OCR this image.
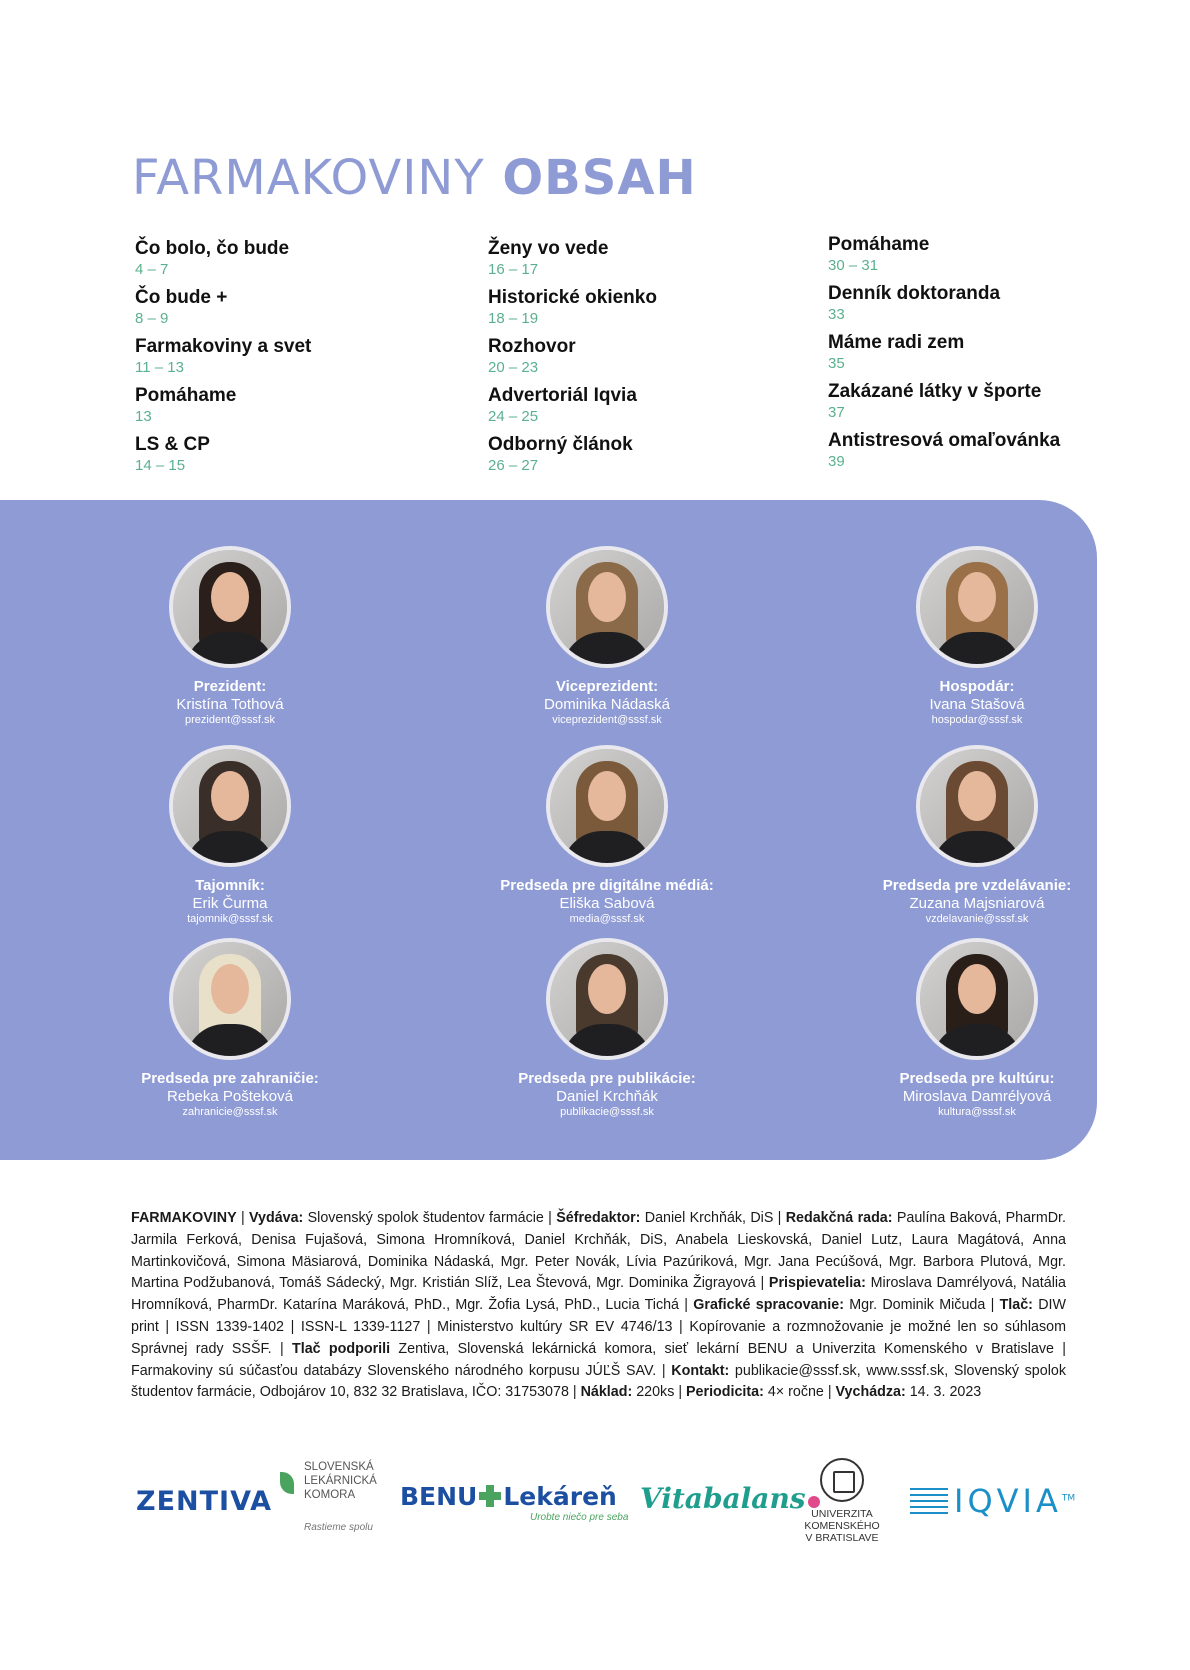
FARMAKOVINY OBSAH
Čo bolo, čo bude
4 – 7
Čo bude +
8 – 9
Farmakoviny a svet
11 – 13
Pomáhame
13
LS & CP
14 – 15
Ženy vo vede
16 – 17
Historické okienko
18 – 19
Rozhovor
20 – 23
Advertoriál Iqvia
24 – 25
Odborný článok
26 – 27
Pomáhame
30 – 31
Denník doktoranda
33
Máme radi zem
35
Zakázané látky v športe
37
Antistresová omaľovánka
39
Prezident:
Kristína Tothová
prezident@sssf.sk
Viceprezident:
Dominika Nádaská
viceprezident@sssf.sk
Hospodár:
Ivana Stašová
hospodar@sssf.sk
Tajomník:
Erik Čurma
tajomnik@sssf.sk
Predseda pre digitálne médiá:
Eliška Sabová
media@sssf.sk
Predseda pre vzdelávanie:
Zuzana Majsniarová
vzdelavanie@sssf.sk
Predseda pre zahraničie:
Rebeka Pošteková
zahranicie@sssf.sk
Predseda pre publikácie:
Daniel Krchňák
publikacie@sssf.sk
Predseda pre kultúru:
Miroslava Damrélyová
kultura@sssf.sk
FARMAKOVINY | Vydáva: Slovenský spolok študentov farmácie | Šéfredaktor: Daniel Krchňák, DiS | Redakčná rada: Paulína Baková, PharmDr. Jarmila Ferková, Denisa Fujašová, Simona Hromníková, Daniel Krchňák, DiS, Anabela Lieskovská, Daniel Lutz, Laura Magátová, Anna Martinkovičová, Simona Mäsiarová, Dominika Nádaská, Mgr. Peter Novák, Lívia Pazúriková, Mgr. Jana Pecúšová, Mgr. Barbora Plutová, Mgr. Martina Podžubanová, Tomáš Sádecký, Mgr. Kristián Slíž, Lea Števová, Mgr. Dominika Žigrayová | Prispievatelia: Miroslava Damrélyová, Natália Hromníková, PharmDr. Katarína Maráková, PhD., Mgr. Žofia Lysá, PhD., Lucia Tichá | Grafické spracovanie: Mgr. Dominik Mičuda | Tlač: DIW print | ISSN 1339-1402 | ISSN-L 1339-1127 | Ministerstvo kultúry SR EV 4746/13 | Kopírovanie a rozmnožovanie je možné len so súhlasom Správnej rady SSŠF. | Tlač podporili Zentiva, Slovenská lekárnická komora, sieť lekární BENU a Univerzita Komenského v Bratislave | Farmakoviny sú súčasťou databázy Slovenského národného korpusu JÚĽŠ SAV. | Kontakt: publikacie@sssf.sk, www.sssf.sk, Slovenský spolok študentov farmácie, Odbojárov 10, 832 32 Bratislava, IČO: 31753078 | Náklad: 220ks | Periodicita: 4× ročne | Vychádza: 14. 3. 2023
ZENTIVA
SLOVENSKÁ
LEKÁRNICKÁ
KOMORA
Rastieme spolu
BENU Lekáreň
Urobte niečo pre seba
Vitabalans UNIVERZITA
KOMENSKÉHO
V BRATISLAVE
IQVIA™
